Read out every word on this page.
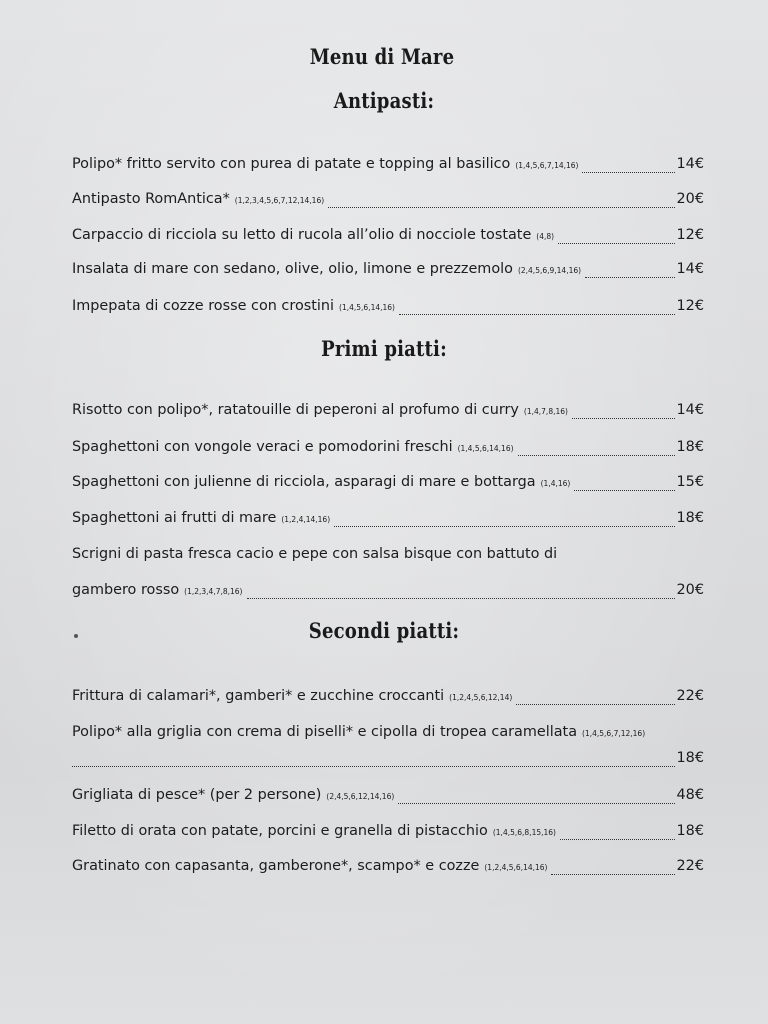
Menu di Mare
Antipasti:
Polipo* fritto servito con purea di patate e topping al basilico (1,4,5,6,7,14,16)	14€
Antipasto RomAntica* (1,2,3,4,5,6,7,12,14,16)	20€
Carpaccio di ricciola su letto di rucola all’olio di nocciole tostate (4,8)	12€
Insalata di mare con sedano, olive, olio, limone e prezzemolo (2,4,5,6,9,14,16)	14€
Impepata di cozze rosse con crostini (1,4,5,6,14,16)	12€
Primi piatti:
Risotto con polipo*, ratatouille di peperoni al profumo di curry (1,4,7,8,16)	14€
Spaghettoni con vongole veraci e pomodorini freschi (1,4,5,6,14,16)	18€
Spaghettoni con julienne di ricciola, asparagi di mare e bottarga (1,4,16)	15€
Spaghettoni ai frutti di mare (1,2,4,14,16)	18€
Scrigni di pasta fresca cacio e pepe con salsa bisque con battuto di
gambero rosso (1,2,3,4,7,8,16)	20€
Secondi piatti:
Frittura di calamari*, gamberi* e zucchine croccanti (1,2,4,5,6,12,14)	22€
Polipo* alla griglia con crema di piselli* e cipolla di tropea caramellata (1,4,5,6,7,12,16)
18€
Grigliata di pesce* (per 2 persone) (2,4,5,6,12,14,16)	48€
Filetto di orata con patate, porcini e granella di pistacchio (1,4,5,6,8,15,16)	18€
Gratinato con capasanta, gamberone*, scampo* e cozze (1,2,4,5,6,14,16)	22€
